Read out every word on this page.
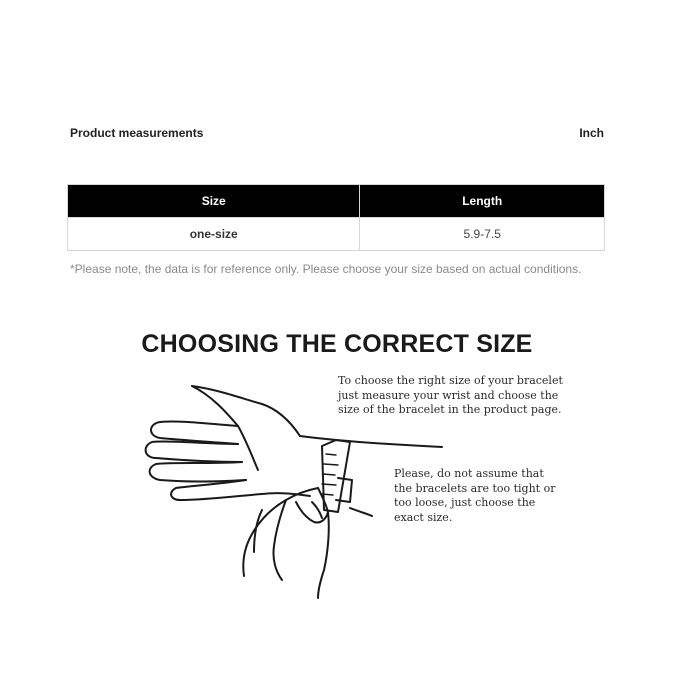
Product measurements	Inch
Size	Length
one-size	5.9-7.5
*Please note, the data is for reference only. Please choose your size based on actual conditions.
CHOOSING THE CORRECT SIZE
To choose the right size of your bracelet
just measure your wrist and choose the
size of the bracelet in the product page.
Please, do not assume that
the bracelets are too tight or
too loose, just choose the
exact size.
